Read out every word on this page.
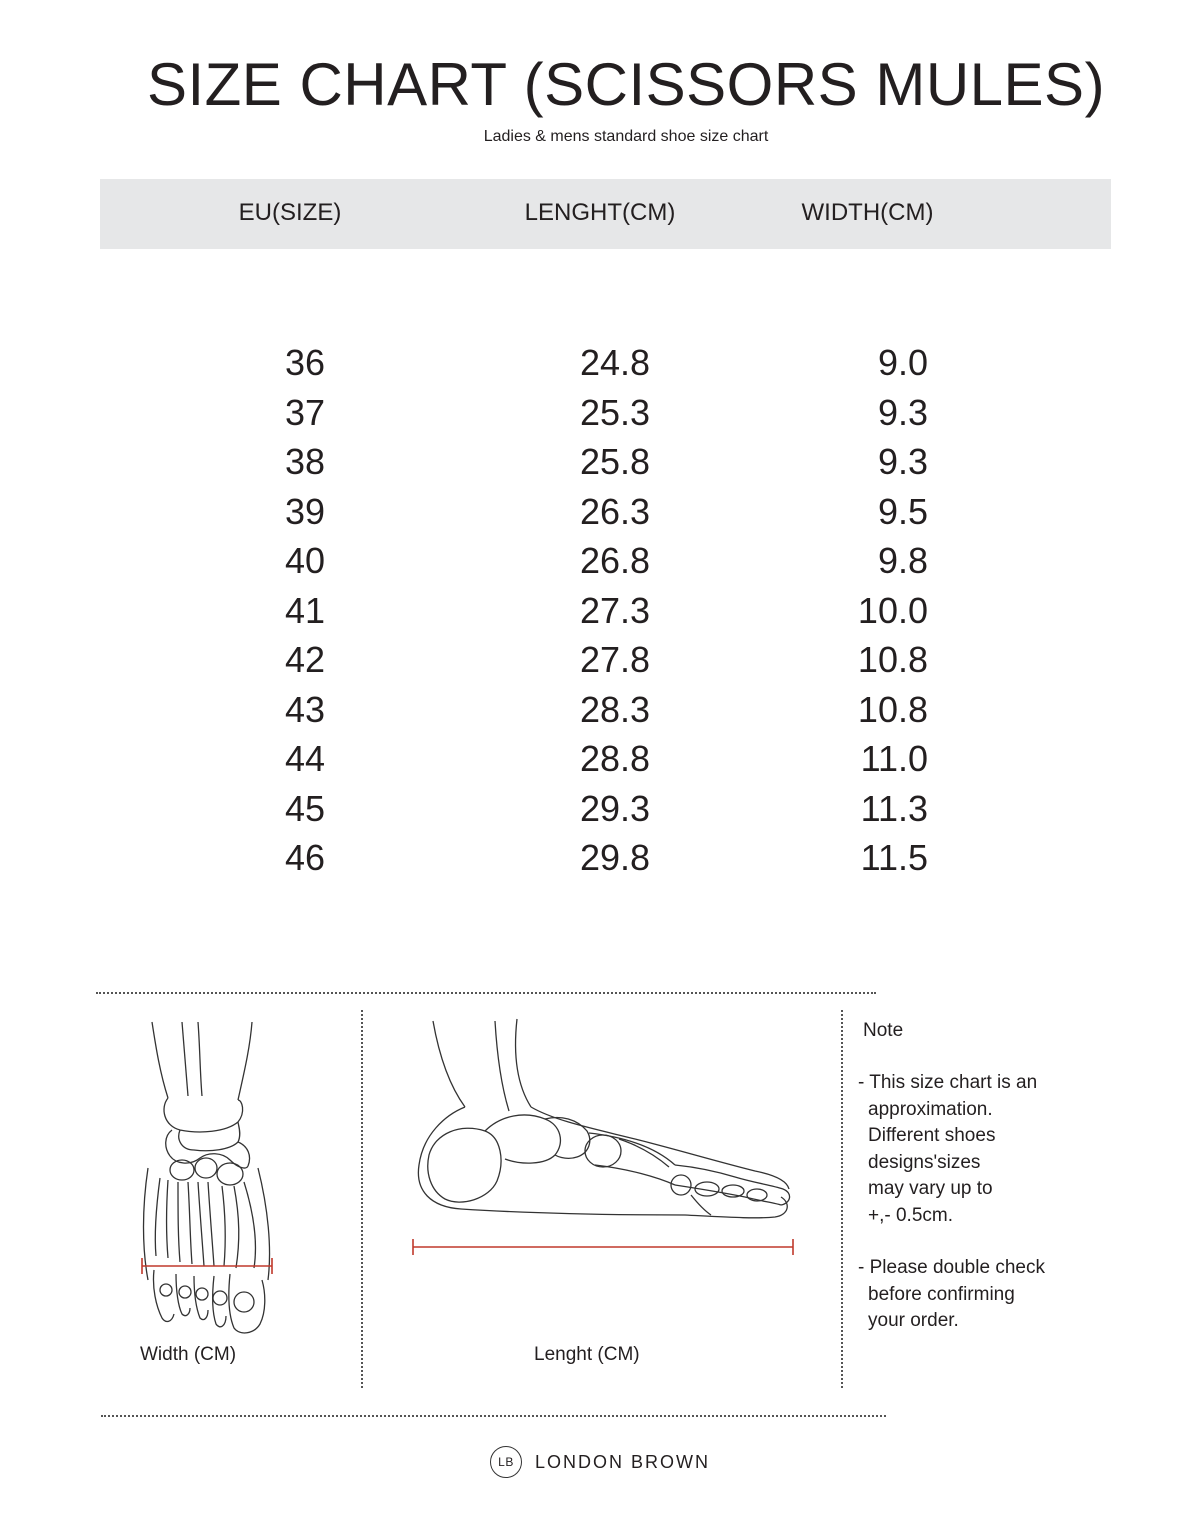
SIZE CHART (SCISSORS MULES)
Ladies & mens standard shoe size chart
EU(SIZE)	LENGHT(CM)	WIDTH(CM)
36	24.8	9.0
37	25.3	9.3
38	25.8	9.3
39	26.3	9.5
40	26.8	9.8
41	27.3	10.0
42	27.8	10.8
43	28.3	10.8
44	28.8	11.0
45	29.3	11.3
46	29.8	11.5
Width (CM)	Lenght (CM)
Note
- This size chart is an
approximation.
Different shoes
designs'sizes
may vary up to
+,- 0.5cm.
- Please double check
before confirming
your order.
LB	LONDON BROWN
